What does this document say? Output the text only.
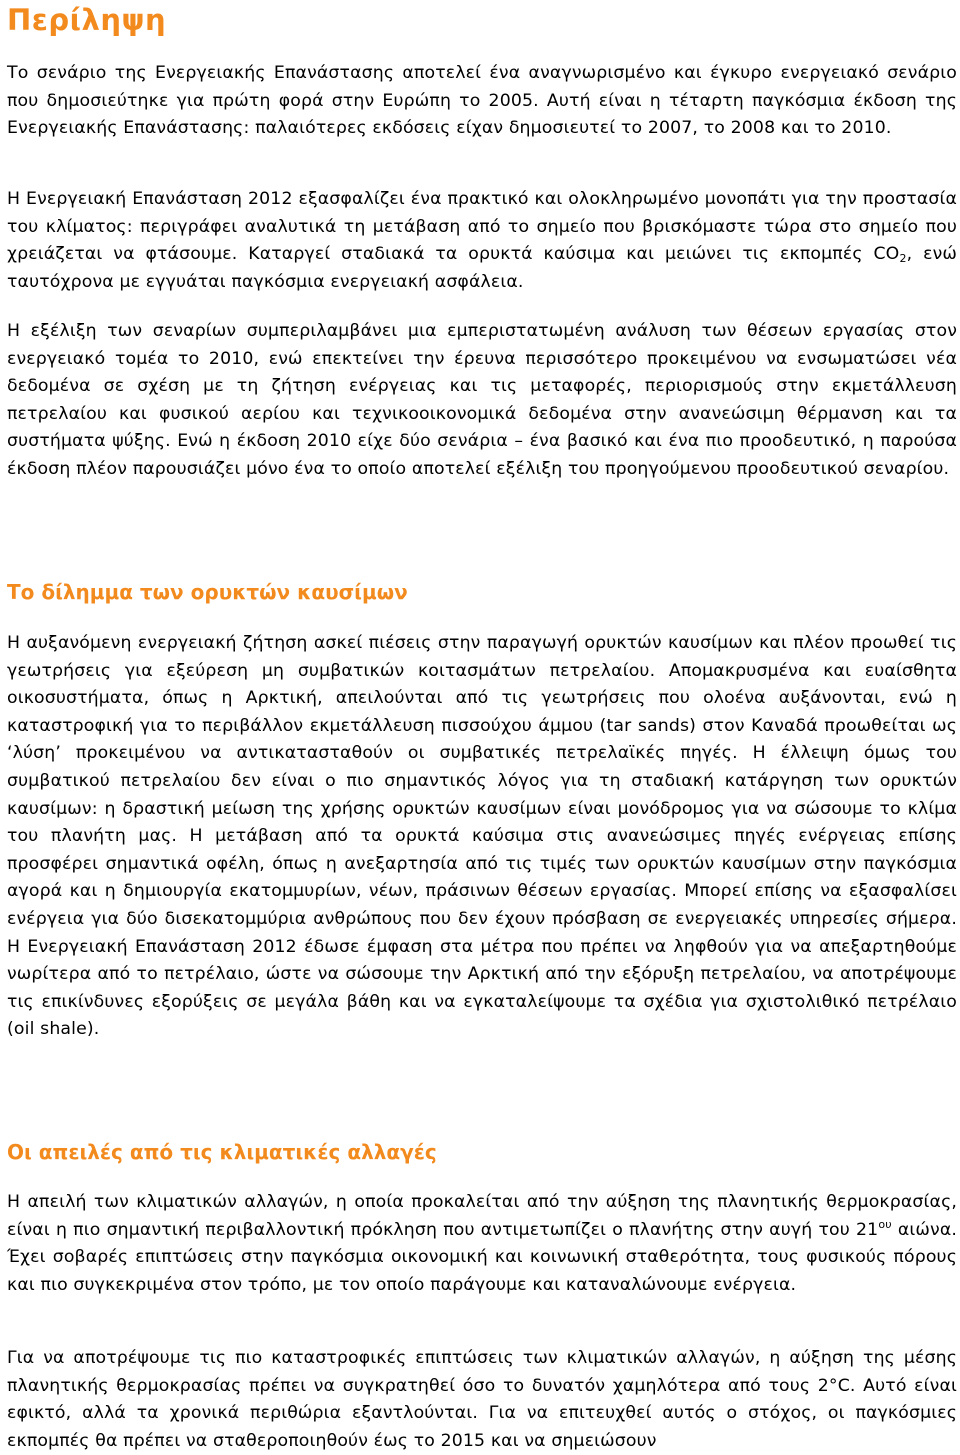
Περίληψη

Το σενάριο της Ενεργειακής Επανάστασης αποτελεί ένα αναγνωρισμένο και έγκυρο ενεργειακό σενάριο που δημοσιεύτηκε για πρώτη φορά στην Ευρώπη το 2005. Αυτή είναι η τέταρτη παγκόσμια έκδοση της Ενεργειακής Επανάστασης: παλαιότερες εκδόσεις είχαν δημοσιευτεί το 2007, το 2008 και το 2010.

Η Ενεργειακή Επανάσταση 2012 εξασφαλίζει ένα πρακτικό και ολοκληρωμένο μονοπάτι για την προστασία του κλίματος: περιγράφει αναλυτικά τη μετάβαση από το σημείο που βρισκόμαστε τώρα στο σημείο που χρειάζεται να φτάσουμε. Καταργεί σταδιακά τα ορυκτά καύσιμα και μειώνει τις εκπομπές $CO_2$, ενώ ταυτόχρονα με εγγυάται παγκόσμια ενεργειακή ασφάλεια.

Η εξέλιξη των σεναρίων συμπεριλαμβάνει μια εμπεριστατωμένη ανάλυση των θέσεων εργασίας στον ενεργειακό τομέα το 2010, ενώ επεκτείνει την έρευνα περισσότερο προκειμένου να ενσωματώσει νέα δεδομένα σε σχέση με τη ζήτηση ενέργειας και τις μεταφορές, περιορισμούς στην εκμετάλλευση πετρελαίου και φυσικού αερίου και τεχνικοοικονομικά δεδομένα στην ανανεώσιμη θέρμανση και τα συστήματα ψύξης. Ενώ η έκδοση 2010 είχε δύο σενάρια – ένα βασικό και ένα πιο προοδευτικό, η παρούσα έκδοση πλέον παρουσιάζει μόνο ένα το οποίο αποτελεί εξέλιξη του προηγούμενου προοδευτικού σεναρίου.

Το δίλημμα των ορυκτών καυσίμων

Η αυξανόμενη ενεργειακή ζήτηση ασκεί πιέσεις στην παραγωγή ορυκτών καυσίμων και πλέον προωθεί τις γεωτρήσεις για εξεύρεση μη συμβατικών κοιτασμάτων πετρελαίου. Απομακρυσμένα και ευαίσθητα οικοσυστήματα, όπως η Αρκτική, απειλούνται από τις γεωτρήσεις που ολοένα αυξάνονται, ενώ η καταστροφική για το περιβάλλον εκμετάλλευση πισσούχου άμμου (tar sands) στον Καναδά προωθείται ως ‘λύση’ προκειμένου να αντικατασταθούν οι συμβατικές πετρελαϊκές πηγές. Η έλλειψη όμως του συμβατικού πετρελαίου δεν είναι ο πιο σημαντικός λόγος για τη σταδιακή κατάργηση των ορυκτών καυσίμων: η δραστική μείωση της χρήσης ορυκτών καυσίμων είναι μονόδρομος για να σώσουμε το κλίμα του πλανήτη μας. Η μετάβαση από τα ορυκτά καύσιμα στις ανανεώσιμες πηγές ενέργειας επίσης προσφέρει σημαντικά οφέλη, όπως η ανεξαρτησία από τις τιμές των ορυκτών καυσίμων στην παγκόσμια αγορά και η δημιουργία εκατομμυρίων, νέων, πράσινων θέσεων εργασίας. Μπορεί επίσης να εξασφαλίσει ενέργεια για δύο δισεκατομμύρια ανθρώπους που δεν έχουν πρόσβαση σε ενεργειακές υπηρεσίες σήμερα. Η Ενεργειακή Επανάσταση 2012 έδωσε έμφαση στα μέτρα που πρέπει να ληφθούν για να απεξαρτηθούμε νωρίτερα από το πετρέλαιο, ώστε να σώσουμε την Αρκτική από την εξόρυξη πετρελαίου, να αποτρέψουμε τις επικίνδυνες εξορύξεις σε μεγάλα βάθη και να εγκαταλείψουμε τα σχέδια για σχιστολιθικό πετρέλαιο (oil shale).

Οι απειλές από τις κλιματικές αλλαγές

Η απειλή των κλιματικών αλλαγών, η οποία προκαλείται από την αύξηση της πλανητικής θερμοκρασίας, είναι η πιο σημαντική περιβαλλοντική πρόκληση που αντιμετωπίζει ο πλανήτης στην αυγή του $21^{o\upsilon}$ αιώνα. Έχει σοβαρές επιπτώσεις στην παγκόσμια οικονομική και κοινωνική σταθερότητα, τους φυσικούς πόρους και πιο συγκεκριμένα στον τρόπο, με τον οποίο παράγουμε και καταναλώνουμε ενέργεια.

Για να αποτρέψουμε τις πιο καταστροφικές επιπτώσεις των κλιματικών αλλαγών, η αύξηση της μέσης πλανητικής θερμοκρασίας πρέπει να συγκρατηθεί όσο το δυνατόν χαμηλότερα από τους 2°C. Αυτό είναι εφικτό, αλλά τα χρονικά περιθώρια εξαντλούνται. Για να επιτευχθεί αυτός ο στόχος, οι παγκόσμιες εκπομπές θα πρέπει να σταθεροποιηθούν έως το 2015 και να σημειώσουν
